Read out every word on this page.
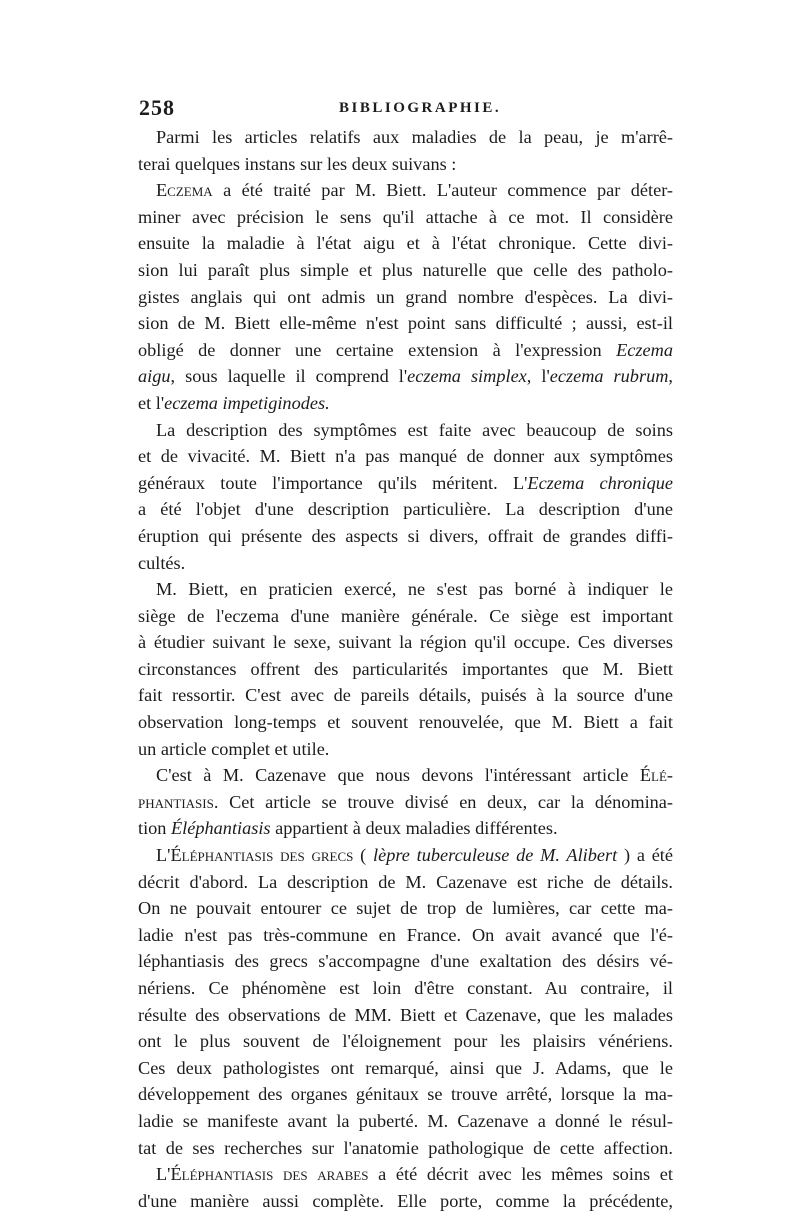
258	BIBLIOGRAPHIE.
Parmi les articles relatifs aux maladies de la peau, je m'arrê-
terai quelques instans sur les deux suivans :
Eczema a été traité par M. Biett. L'auteur commence par déter-
miner avec précision le sens qu'il attache à ce mot. Il considère
ensuite la maladie à l'état aigu et à l'état chronique. Cette divi-
sion lui paraît plus simple et plus naturelle que celle des patholo-
gistes anglais qui ont admis un grand nombre d'espèces. La divi-
sion de M. Biett elle-même n'est point sans difficulté ; aussi, est-il
obligé de donner une certaine extension à l'expression Eczema
aigu, sous laquelle il comprend l'eczema simplex, l'eczema rubrum,
et l'eczema impetiginodes.
La description des symptômes est faite avec beaucoup de soins
et de vivacité. M. Biett n'a pas manqué de donner aux symptômes
généraux toute l'importance qu'ils méritent. L'Eczema chronique
a été l'objet d'une description particulière. La description d'une
éruption qui présente des aspects si divers, offrait de grandes diffi-
cultés.
M. Biett, en praticien exercé, ne s'est pas borné à indiquer le
siège de l'eczema d'une manière générale. Ce siège est important
à étudier suivant le sexe, suivant la région qu'il occupe. Ces diverses
circonstances offrent des particularités importantes que M. Biett
fait ressortir. C'est avec de pareils détails, puisés à la source d'une
observation long-temps et souvent renouvelée, que M. Biett a fait
un article complet et utile.
C'est à M. Cazenave que nous devons l'intéressant article Élé-
phantiasis. Cet article se trouve divisé en deux, car la dénomina-
tion Éléphantiasis appartient à deux maladies différentes.
L'Éléphantiasis des grecs ( lèpre tuberculeuse de M. Alibert ) a été
décrit d'abord. La description de M. Cazenave est riche de détails.
On ne pouvait entourer ce sujet de trop de lumières, car cette ma-
ladie n'est pas très-commune en France. On avait avancé que l'é-
léphantiasis des grecs s'accompagne d'une exaltation des désirs vé-
nériens. Ce phénomène est loin d'être constant. Au contraire, il
résulte des observations de MM. Biett et Cazenave, que les malades
ont le plus souvent de l'éloignement pour les plaisirs vénériens.
Ces deux pathologistes ont remarqué, ainsi que J. Adams, que le
développement des organes génitaux se trouve arrêté, lorsque la ma-
ladie se manifeste avant la puberté. M. Cazenave a donné le résul-
tat de ses recherches sur l'anatomie pathologique de cette affection.
L'Éléphantiasis des arabes a été décrit avec les mêmes soins et
d'une manière aussi complète. Elle porte, comme la précédente,
